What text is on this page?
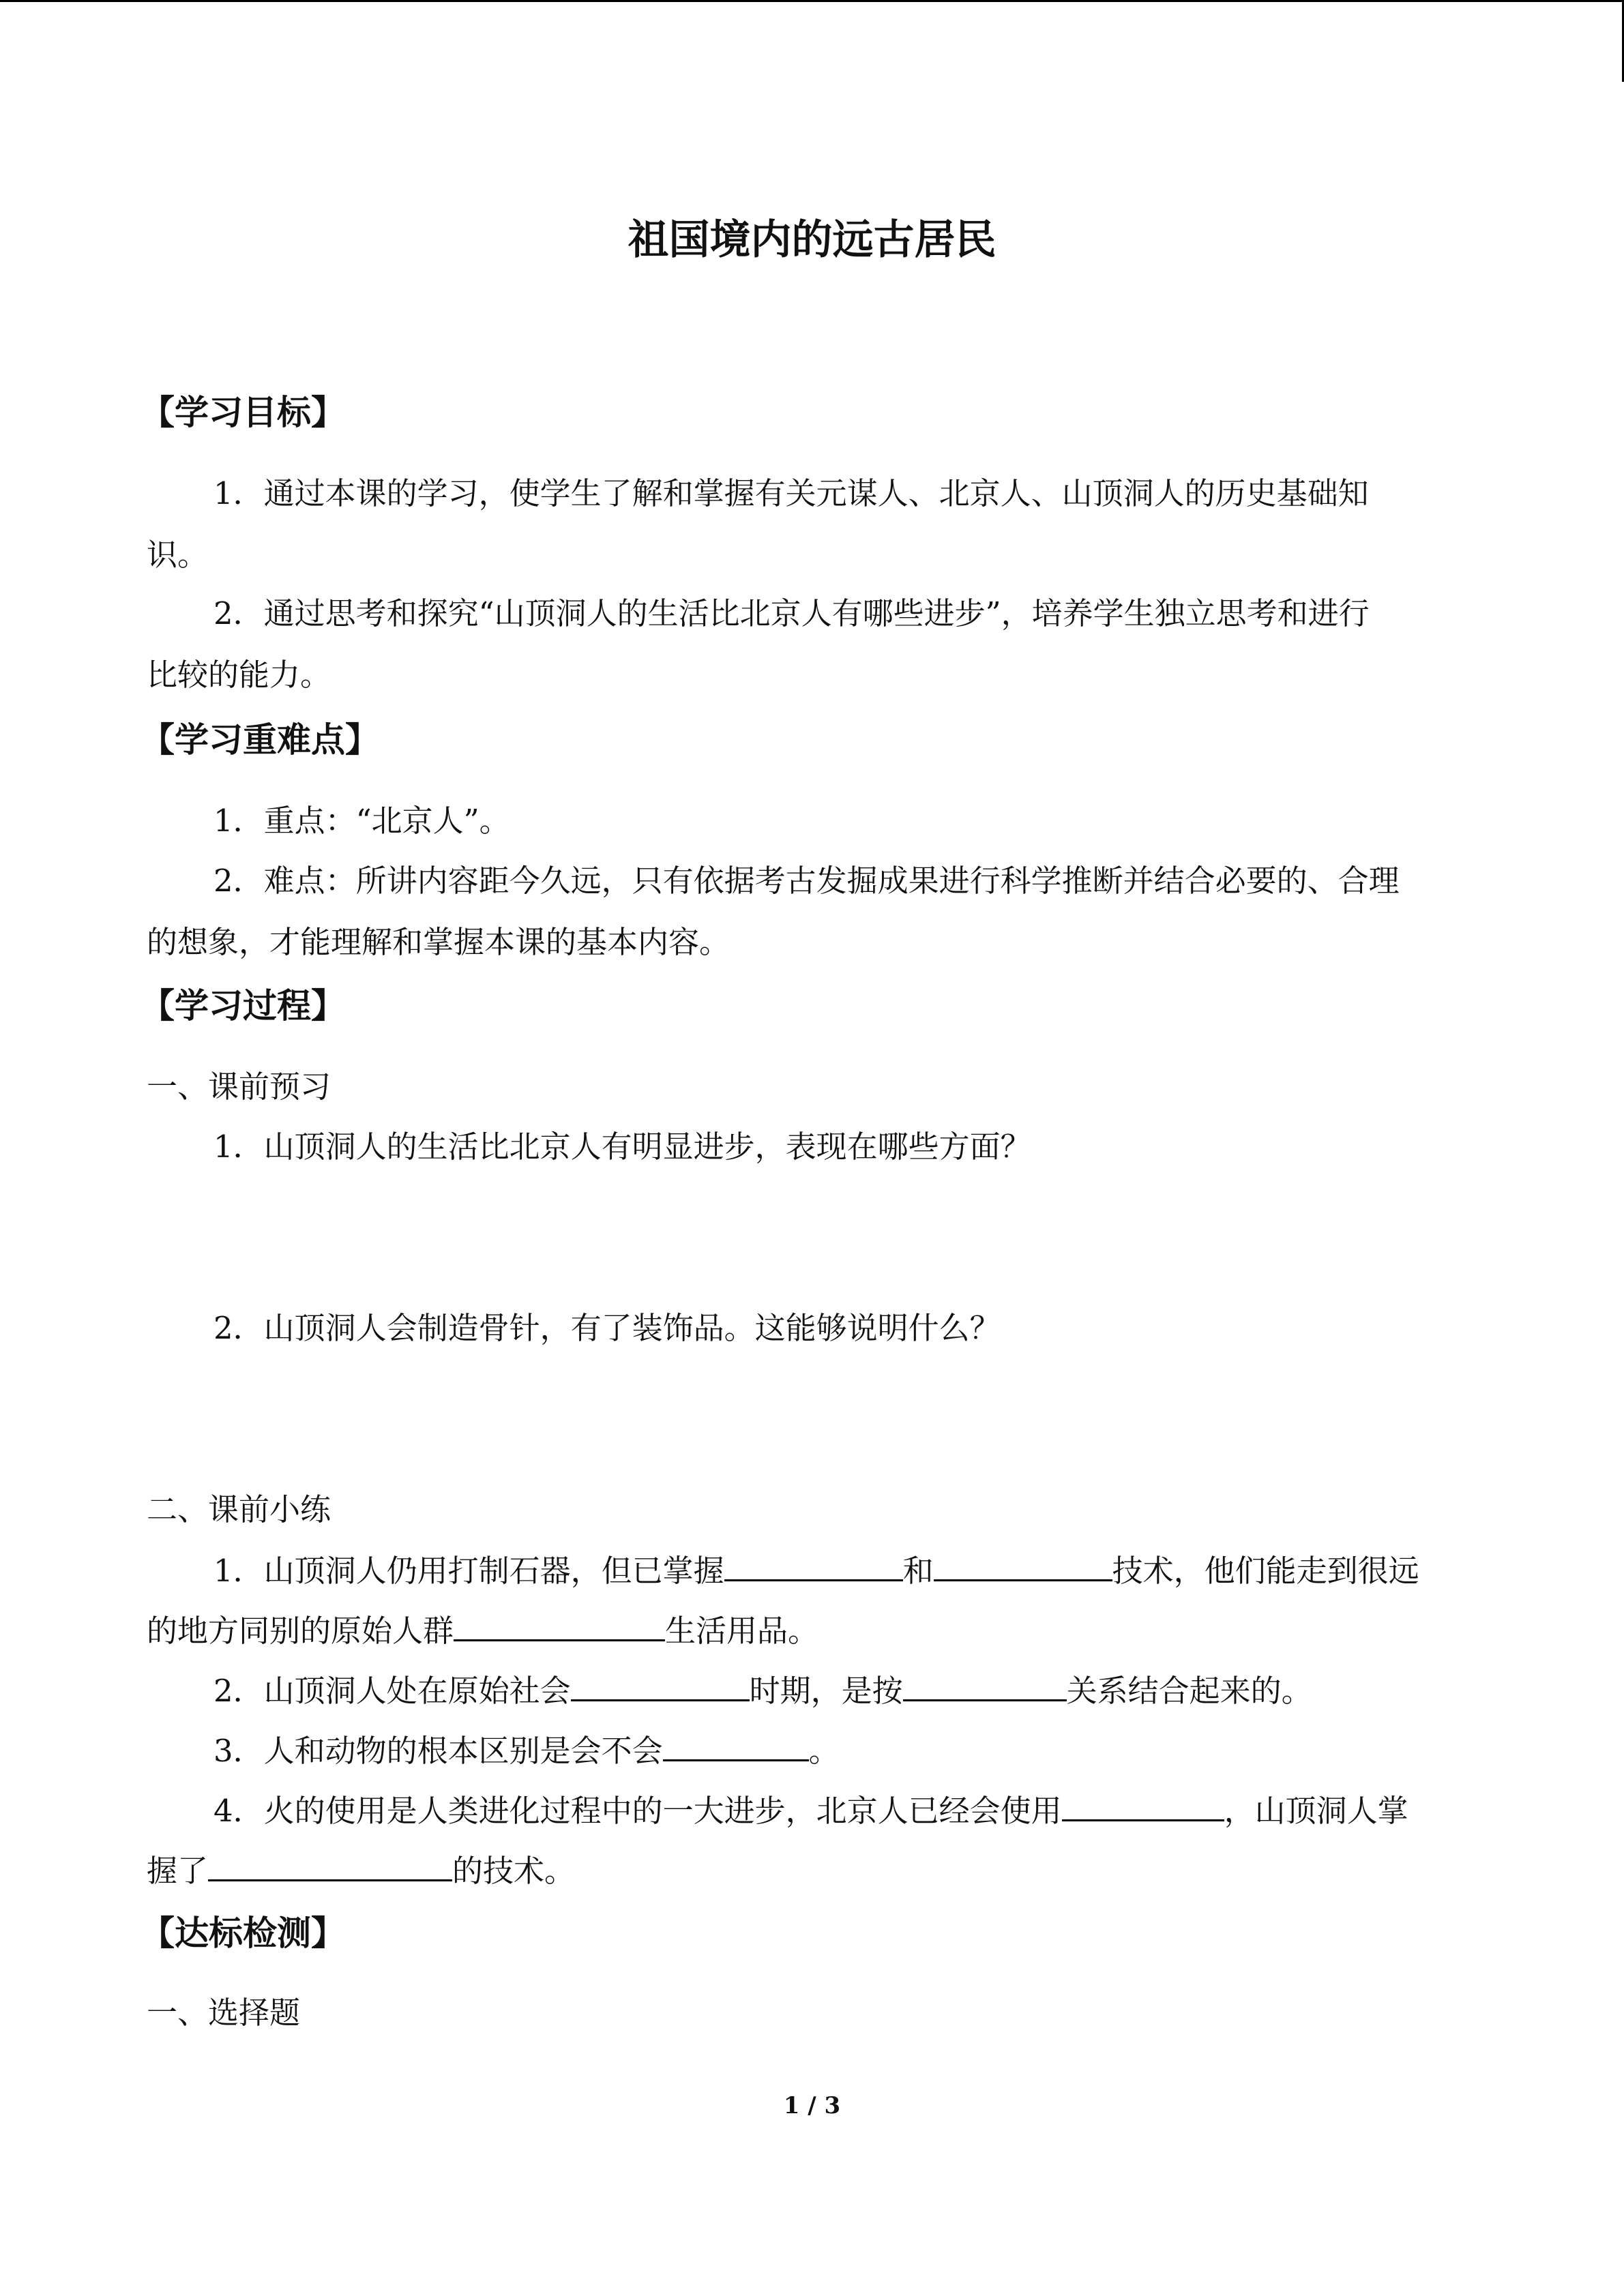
祖国境内的远古居民
【学习目标】
1．通过本课的学习，使学生了解和掌握有关元谋人、北京人、山顶洞人的历史基础知
识。
2．通过思考和探究“山顶洞人的生活比北京人有哪些进步”，培养学生独立思考和进行
比较的能力。
【学习重难点】
1．重点：“北京人”。
2．难点：所讲内容距今久远，只有依据考古发掘成果进行科学推断并结合必要的、合理
的想象，才能理解和掌握本课的基本内容。
【学习过程】
一、课前预习
1．山顶洞人的生活比北京人有明显进步，表现在哪些方面？
2．山顶洞人会制造骨针，有了装饰品。这能够说明什么？
二、课前小练
1．山顶洞人仍用打制石器，但已掌握	和	技术，他们能走到很远
的地方同别的原始人群	生活用品。
2．山顶洞人处在原始社会	时期，是按	关系结合起来的。
3．人和动物的根本区别是会不会	。
4．火的使用是人类进化过程中的一大进步，北京人已经会使用	，山顶洞人掌
握了	的技术。
【达标检测】
一、选择题
1 / 3
